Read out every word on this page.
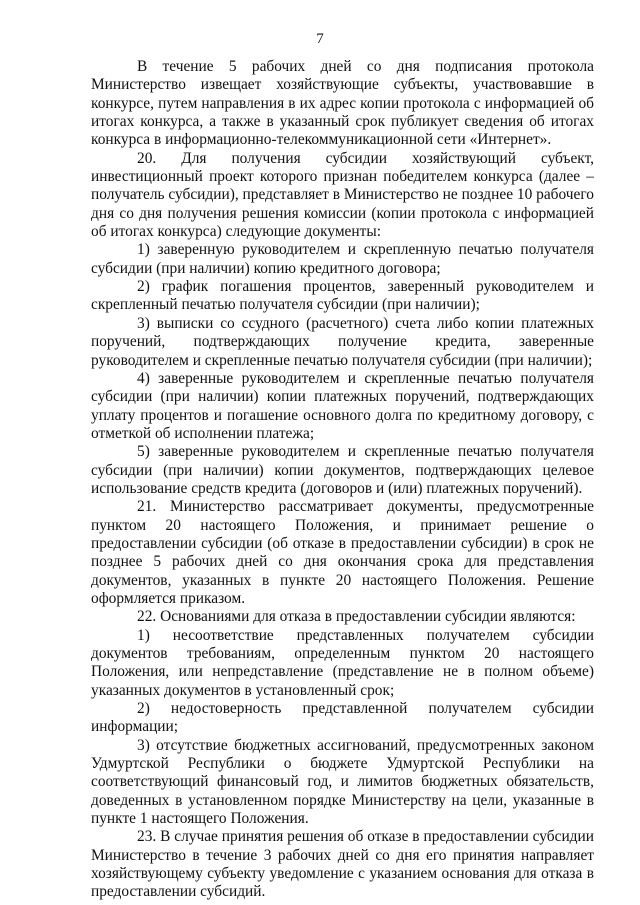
7

В течение 5 рабочих дней со дня подписания протокола Министерство извещает хозяйствующие субъекты, участвовавшие в конкурсе, путем направления в их адрес копии протокола с информацией об итогах конкурса, а также в указанный срок публикует сведения об итогах конкурса в информационно-телекоммуникационной сети «Интернет».

20. Для получения субсидии хозяйствующий субъект, инвестиционный проект которого признан победителем конкурса (далее – получатель субсидии), представляет в Министерство не позднее 10 рабочего дня со дня получения решения комиссии (копии протокола с информацией об итогах конкурса) следующие документы:

1) заверенную руководителем и скрепленную печатью получателя субсидии (при наличии) копию кредитного договора;

2) график погашения процентов, заверенный руководителем и скрепленный печатью получателя субсидии (при наличии);

3) выписки со ссудного (расчетного) счета либо копии платежных поручений, подтверждающих получение кредита, заверенные руководителем и скрепленные печатью получателя субсидии (при наличии);

4) заверенные руководителем и скрепленные печатью получателя субсидии (при наличии) копии платежных поручений, подтверждающих уплату процентов и погашение основного долга по кредитному договору, с отметкой об исполнении платежа;

5) заверенные руководителем и скрепленные печатью получателя субсидии (при наличии) копии документов, подтверждающих целевое использование средств кредита (договоров и (или) платежных поручений).

21. Министерство рассматривает документы, предусмотренные пунктом 20 настоящего Положения, и принимает решение о предоставлении субсидии (об отказе в предоставлении субсидии) в срок не позднее 5 рабочих дней со дня окончания срока для представления документов, указанных в пункте 20 настоящего Положения. Решение оформляется приказом.

22. Основаниями для отказа в предоставлении субсидии являются:

1) несоответствие представленных получателем субсидии документов требованиям, определенным пунктом 20 настоящего Положения, или непредставление (представление не в полном объеме) указанных документов в установленный срок;

2) недостоверность представленной получателем субсидии информации;

3) отсутствие бюджетных ассигнований, предусмотренных законом Удмуртской Республики о бюджете Удмуртской Республики на соответствующий финансовый год, и лимитов бюджетных обязательств, доведенных в установленном порядке Министерству на цели, указанные в пункте 1 настоящего Положения.

23. В случае принятия решения об отказе в предоставлении субсидии Министерство в течение 3 рабочих дней со дня его принятия направляет хозяйствующему субъекту уведомление с указанием основания для отказа в предоставлении субсидий.
